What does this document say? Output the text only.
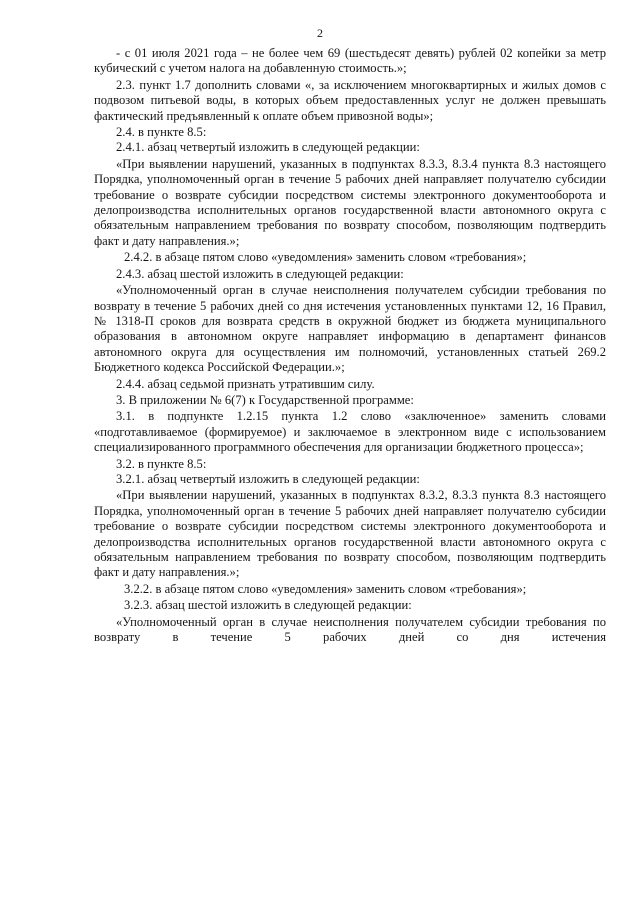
2

- с 01 июля 2021 года – не более чем 69 (шестьдесят девять) рублей 02 копейки за метр кубический с учетом налога на добавленную стоимость.»;

2.3. пункт 1.7 дополнить словами «, за исключением многоквартирных и жилых домов с подвозом питьевой воды, в которых объем предоставленных услуг не должен превышать фактический предъявленный к оплате объем привозной воды»;

2.4. в пункте 8.5:

2.4.1. абзац четвертый изложить в следующей редакции:

«При выявлении нарушений, указанных в подпунктах 8.3.3, 8.3.4 пункта 8.3 настоящего Порядка, уполномоченный орган в течение 5 рабочих дней направляет получателю субсидии требование о возврате субсидии посредством системы электронного документооборота и делопроизводства исполнительных органов государственной власти автономного округа с обязательным направлением требования по возврату способом, позволяющим подтвердить факт и дату направления.»;

2.4.2. в абзаце пятом слово «уведомления» заменить словом «требования»;

2.4.3. абзац шестой изложить в следующей редакции:

«Уполномоченный орган в случае неисполнения получателем субсидии требования по возврату в течение 5 рабочих дней со дня истечения установленных пунктами 12, 16 Правил, № 1318-П сроков для возврата средств в окружной бюджет из бюджета муниципального образования в автономном округе направляет информацию в департамент финансов автономного округа для осуществления им полномочий, установленных статьей 269.2 Бюджетного кодекса Российской Федерации.»;

2.4.4. абзац седьмой признать утратившим силу.

3. В приложении № 6(7) к Государственной программе:

3.1. в подпункте 1.2.15 пункта 1.2 слово «заключенное» заменить словами «подготавливаемое (формируемое) и заключаемое в электронном виде с использованием специализированного программного обеспечения для организации бюджетного процесса»;

3.2. в пункте 8.5:

3.2.1. абзац четвертый изложить в следующей редакции:

«При выявлении нарушений, указанных в подпунктах 8.3.2, 8.3.3 пункта 8.3 настоящего Порядка, уполномоченный орган в течение 5 рабочих дней направляет получателю субсидии требование о возврате субсидии посредством системы электронного документооборота и делопроизводства исполнительных органов государственной власти автономного округа с обязательным направлением требования по возврату способом, позволяющим подтвердить факт и дату направления.»;

3.2.2. в абзаце пятом слово «уведомления» заменить словом «требования»;

3.2.3. абзац шестой изложить в следующей редакции:

«Уполномоченный орган в случае неисполнения получателем субсидии требования по возврату в течение 5 рабочих дней со дня истечения
